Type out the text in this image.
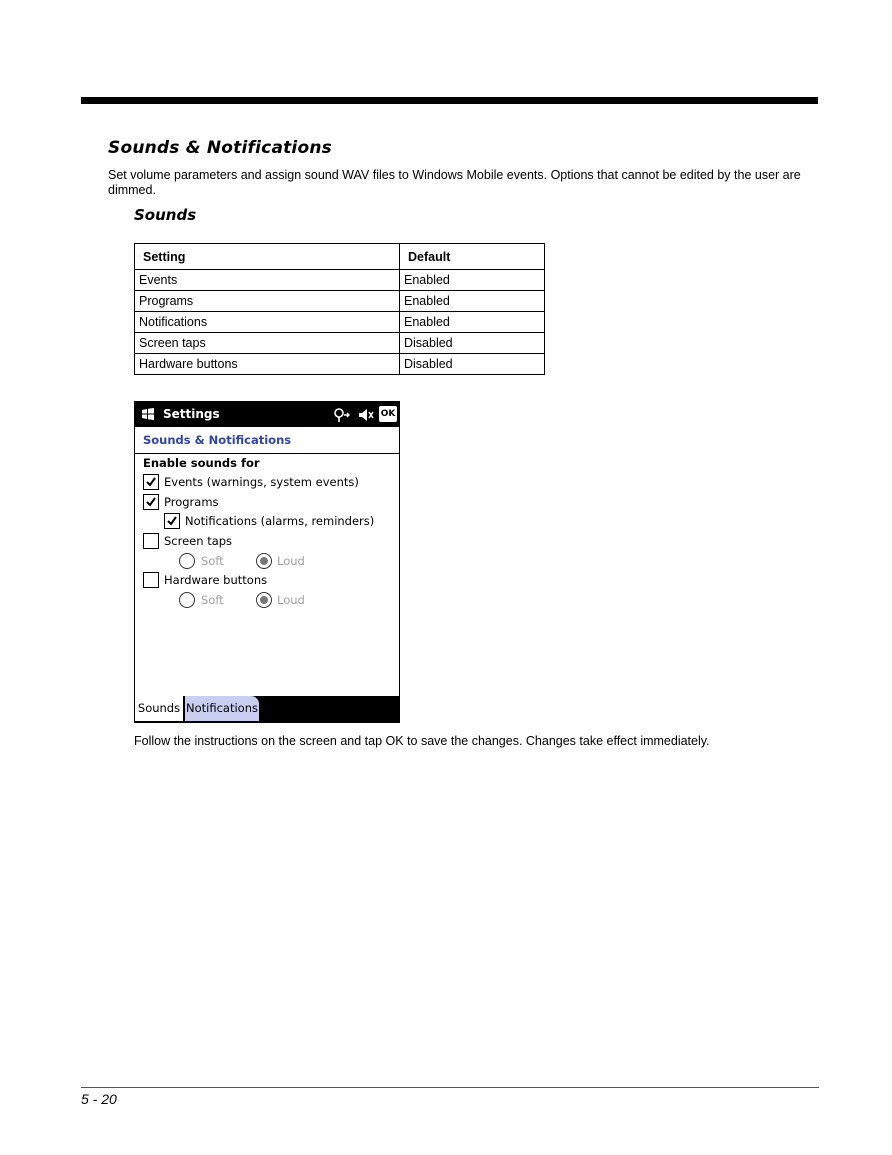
Sounds & Notifications

Set volume parameters and assign sound WAV files to Windows Mobile events. Options that cannot be edited by the user are dimmed.

Sounds
Setting	Default
Events	Enabled
Programs	Enabled
Notifications	Enabled
Screen taps	Disabled
Hardware buttons	Disabled
Settings	OK
Sounds & Notifications
Enable sounds for
Events (warnings, system events)
Programs
Notifications (alarms, reminders)
Screen taps
Soft	Loud
Hardware buttons
Soft	Loud
Sounds Notifications

Follow the instructions on the screen and tap OK to save the changes. Changes take effect immediately.

5 - 20
